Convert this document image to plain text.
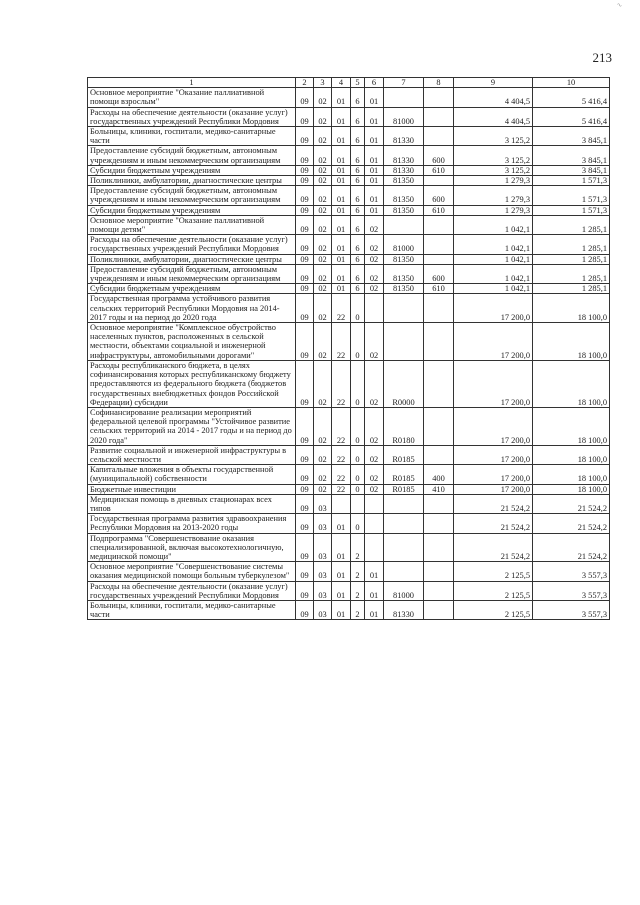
~
213
1	2	3	4	5	6	7	8	9	10
Основное мероприятие "Оказание паллиативной помощи взрослым"	09	02	01	6	01			4 404,5	5 416,4
Расходы на обеспечение деятельности (оказание услуг) государственных учреждений Республики Мордовия	09	02	01	6	01	81000		4 404,5	5 416,4
Больницы, клиники, госпитали, медико-санитарные части	09	02	01	6	01	81330		3 125,2	3 845,1
Предоставление субсидий бюджетным, автономным учреждениям и иным некоммерческим организациям	09	02	01	6	01	81330	600	3 125,2	3 845,1
Субсидии бюджетным учреждениям	09	02	01	6	01	81330	610	3 125,2	3 845,1
Поликлиники, амбулатории, диагностические центры	09	02	01	6	01	81350		1 279,3	1 571,3
Предоставление субсидий бюджетным, автономным учреждениям и иным некоммерческим организациям	09	02	01	6	01	81350	600	1 279,3	1 571,3
Субсидии бюджетным учреждениям	09	02	01	6	01	81350	610	1 279,3	1 571,3
Основное мероприятие "Оказание паллиативной помощи детям"	09	02	01	6	02			1 042,1	1 285,1
Расходы на обеспечение деятельности (оказание услуг) государственных учреждений Республики Мордовия	09	02	01	6	02	81000		1 042,1	1 285,1
Поликлиники, амбулатории, диагностические центры	09	02	01	6	02	81350		1 042,1	1 285,1
Предоставление субсидий бюджетным, автономным учреждениям и иным некоммерческим организациям	09	02	01	6	02	81350	600	1 042,1	1 285,1
Субсидии бюджетным учреждениям	09	02	01	6	02	81350	610	1 042,1	1 285,1
Государственная программа устойчивого развития сельских территорий Республики Мордовия на 2014-2017 годы и на период до 2020 года	09	02	22	0				17 200,0	18 100,0
Основное мероприятие "Комплексное обустройство населенных пунктов, расположенных в сельской местности, объектами социальной и инженерной инфраструктуры, автомобильными дорогами"	09	02	22	0	02			17 200,0	18 100,0
Расходы республиканского бюджета, в целях софинансирования которых республиканскому бюджету предоставляются из федерального бюджета (бюджетов государственных внебюджетных фондов Российской Федерации) субсидии	09	02	22	0	02	R0000		17 200,0	18 100,0
Софинансирование реализации мероприятий федеральной целевой программы "Устойчивое развитие сельских территорий на 2014 - 2017 годы и на период до 2020 года"	09	02	22	0	02	R0180		17 200,0	18 100,0
Развитие социальной и инженерной инфраструктуры в сельской местности	09	02	22	0	02	R0185		17 200,0	18 100,0
Капитальные вложения в объекты государственной (муниципальной) собственности	09	02	22	0	02	R0185	400	17 200,0	18 100,0
Бюджетные инвестиции	09	02	22	0	02	R0185	410	17 200,0	18 100,0
Медицинская помощь в дневных стационарах всех типов	09	03						21 524,2	21 524,2
Государственная программа развития здравоохранения Республики Мордовия на 2013-2020 годы	09	03	01	0				21 524,2	21 524,2
Подпрограмма "Совершенствование оказания специализированной, включая высокотехнологичную, медицинской помощи"	09	03	01	2				21 524,2	21 524,2
Основное мероприятие "Совершенствование системы оказания медицинской помощи больным туберкулезом"	09	03	01	2	01			2 125,5	3 557,3
Расходы на обеспечение деятельности (оказание услуг) государственных учреждений Республики Мордовия	09	03	01	2	01	81000		2 125,5	3 557,3
Больницы, клиники, госпитали, медико-санитарные части	09	03	01	2	01	81330		2 125,5	3 557,3
